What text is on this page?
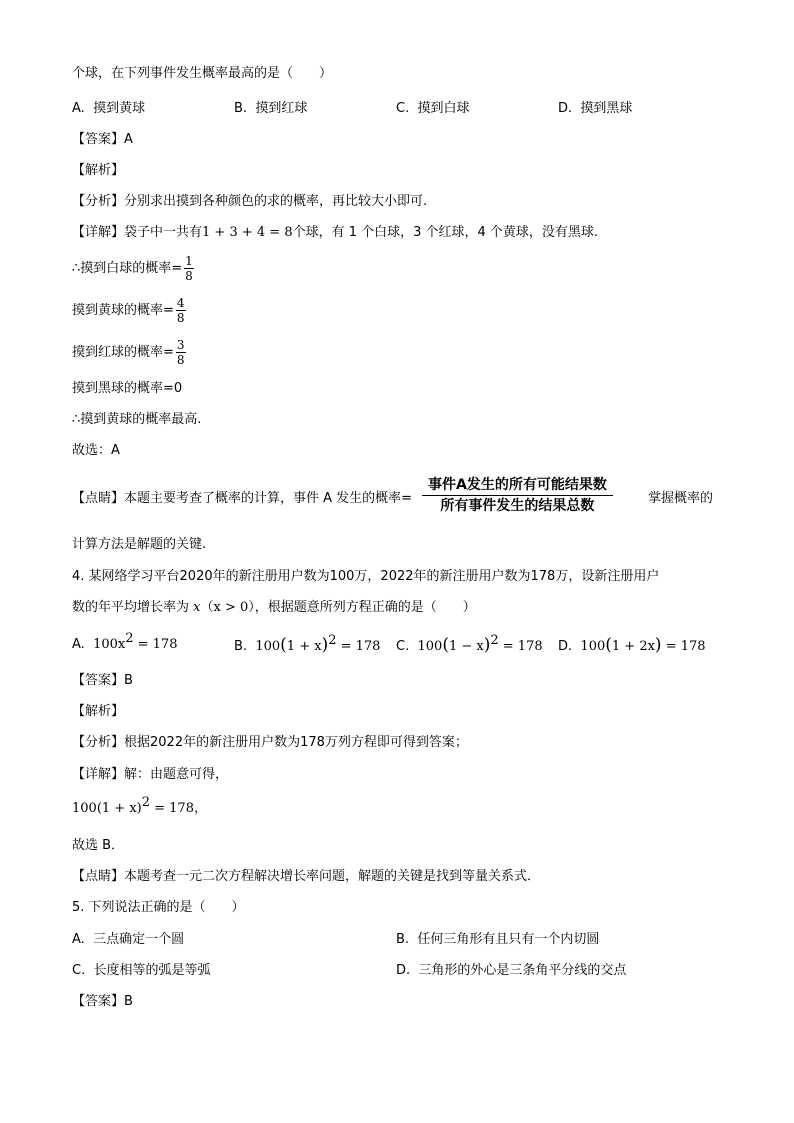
个球，在下列事件发生概率最高的是（　　）
A. 摸到黄球	B. 摸到红球	C. 摸到白球	D. 摸到黑球
【答案】A
【解析】
【分析】分别求出摸到各种颜色的求的概率，再比较大小即可.
【详解】袋子中一共有1 + 3 + 4 = 8个球，有 1 个白球，3 个红球，4 个黄球，没有黑球.
∴摸到白球的概率= $\frac{1}{8}$
摸到黄球的概率= $\frac{4}{8}$
摸到红球的概率= $\frac{3}{8}$
摸到黑球的概率=0
∴摸到黄球的概率最高.
故选：A
【点睛】本题主要考查了概率的计算，事件 A 发生的概率=
事件A发生的所有可能结果数
所有事件发生的结果总数	掌握概率的
计算方法是解题的关键.
4. 某网络学习平台2020年的新注册用户数为100万，2022年的新注册用户数为178万，设新注册用户
数的年平均增长率为 x（x > 0），根据题意所列方程正确的是（　　）
A. $100x^2 = 178$	B. $100(1 + x)^2 = 178$ C. $100(1 - x)^2 = 178$ D. 100(1 + 2x) = 178
【答案】B
【解析】
【分析】根据2022年的新注册用户数为178万列方程即可得到答案；
【详解】解：由题意可得，
$100(1 + x)^2 = 178$，
故选 B．
【点睛】本题考查一元二次方程解决增长率问题，解题的关键是找到等量关系式．
5. 下列说法正确的是（　　）
A. 三点确定一个圆	B. 任何三角形有且只有一个内切圆
C. 长度相等的弧是等弧	D. 三角形的外心是三条角平分线的交点
【答案】B
